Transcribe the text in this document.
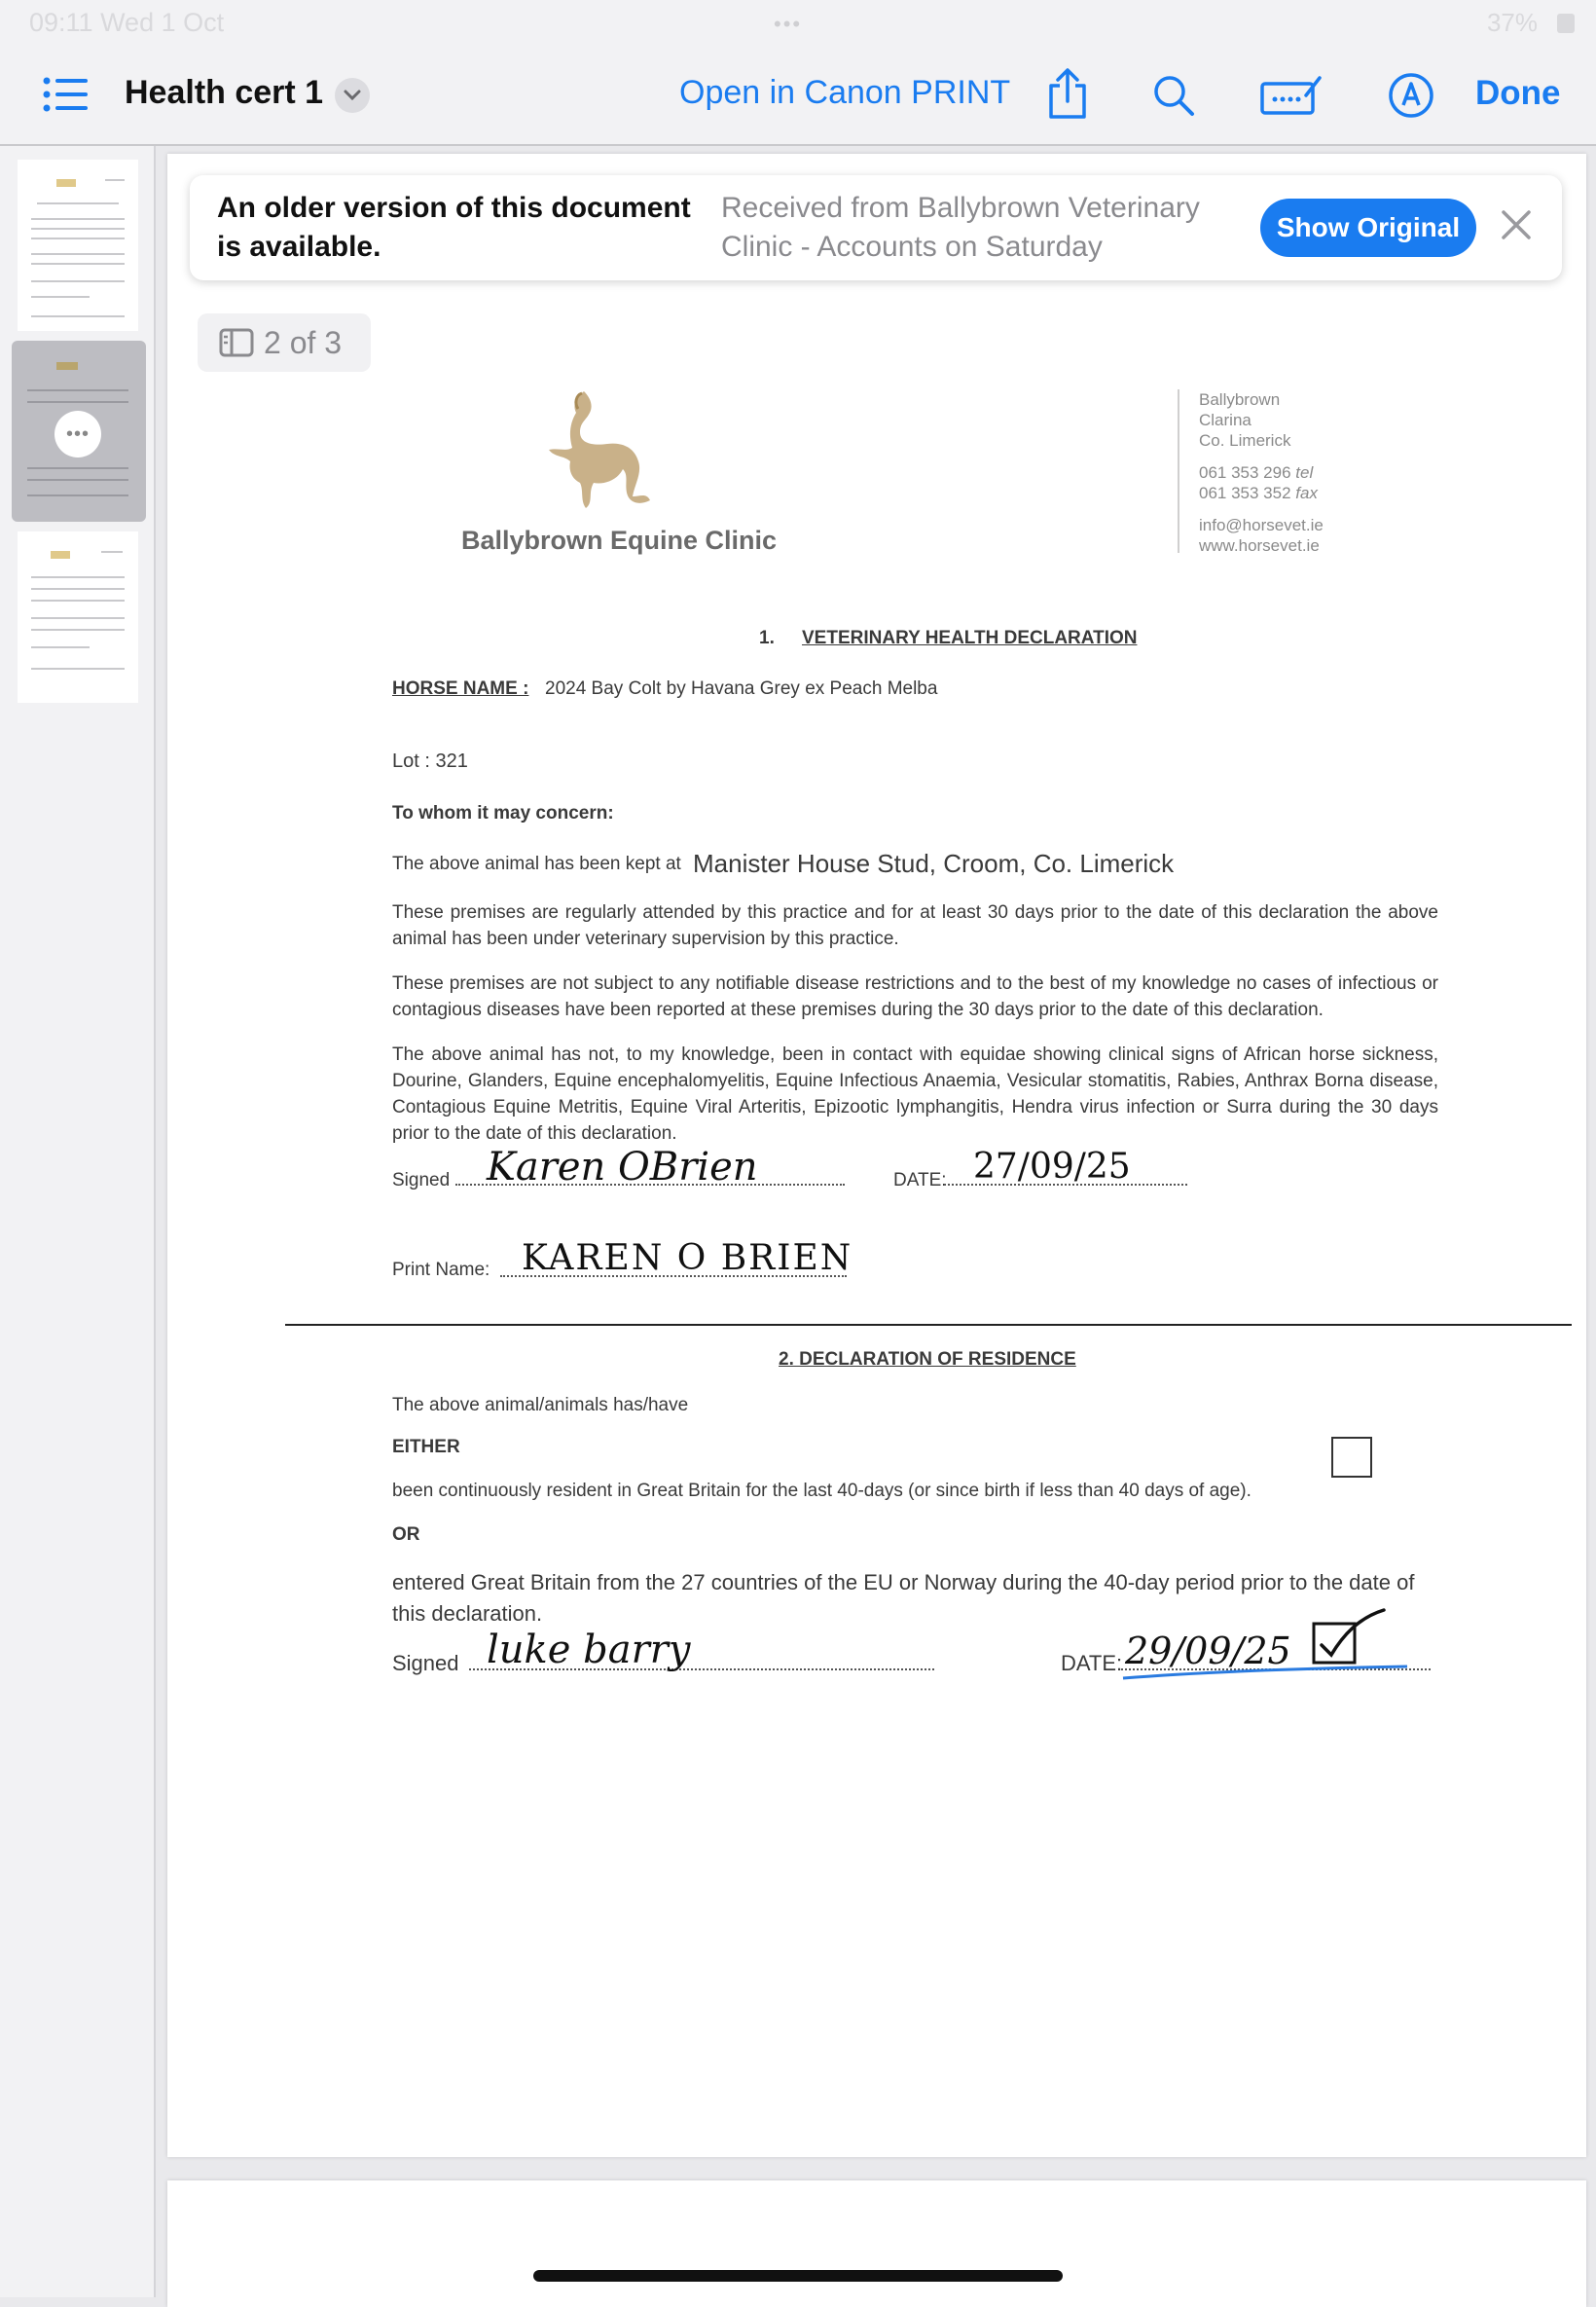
09:11 Wed 1 Oct	•••	37%
Health cert 1	Open in Canon PRINT	Done
•••
An older version of this document is available.
Received from Ballybrown Veterinary Clinic - Accounts on Saturday
Show Original
2 of 3
Ballybrown Equine Clinic
Ballybrown
Clarina
Co. Limerick
061 353 296 tel
061 353 352 fax
info@horsevet.ie
www.horsevet.ie
1. VETERINARY HEALTH DECLARATION
HORSE NAME : 2024 Bay Colt by Havana Grey ex Peach Melba
Lot : 321
To whom it may concern:
The above animal has been kept at Manister House Stud, Croom, Co. Limerick
These premises are regularly attended by this practice and for at least 30 days prior to the date of this declaration the above animal has been under veterinary supervision by this practice.
These premises are not subject to any notifiable disease restrictions and to the best of my knowledge no cases of infectious or contagious diseases have been reported at these premises during the 30 days prior to the date of this declaration.
The above animal has not, to my knowledge, been in contact with equidae showing clinical signs of African horse sickness, Dourine, Glanders, Equine encephalomyelitis, Equine Infectious Anaemia, Vesicular stomatitis, Rabies, Anthrax Borna disease, Contagious Equine Metritis, Equine Viral Arteritis, Epizootic lymphangitis, Hendra virus infection or Surra during the 30 days prior to the date of this declaration.
Signed Karen OBrien	DATE: 27/09/25
Print Name: KAREN O BRIEN
2. DECLARATION OF RESIDENCE
The above animal/animals has/have
EITHER
been continuously resident in Great Britain for the last 40-days (or since birth if less than 40 days of age).
OR
entered Great Britain from the 27 countries of the EU or Norway during the 40-day period prior to the date of this declaration.
Signed luke barry	DATE: 29/09/25
